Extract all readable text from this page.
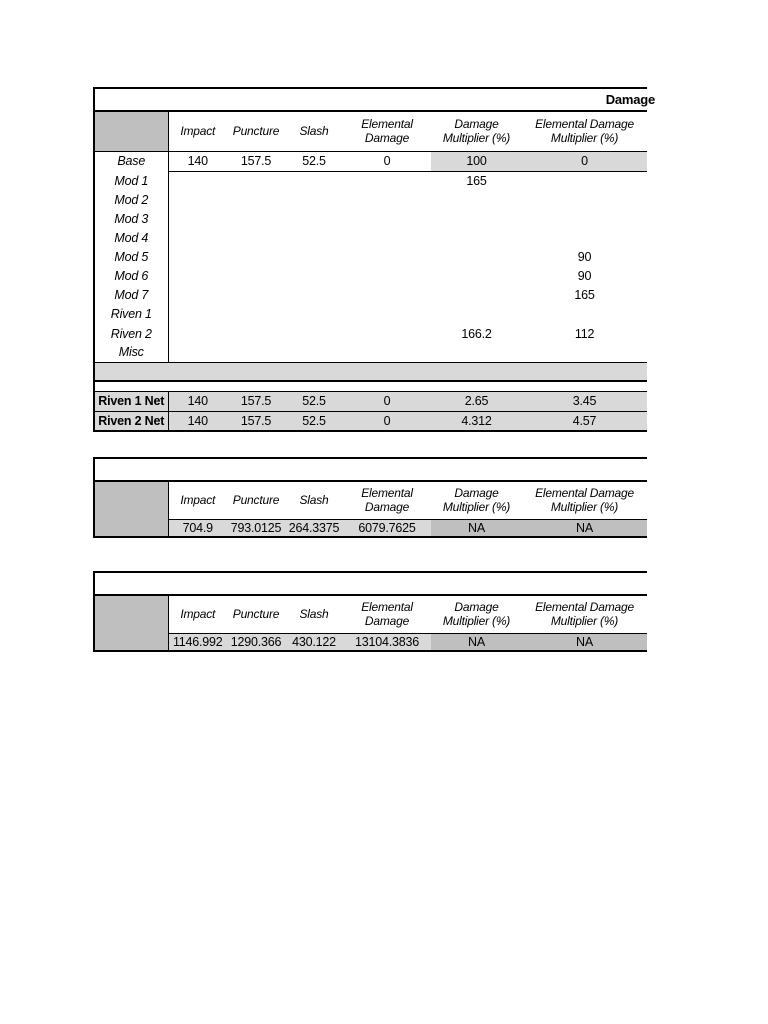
Damage						
	Impact	Puncture	Slash	Elemental Damage	Damage Multiplier (%)	Elemental Damage Multiplier (%)
Base	140	157.5	52.5	0	100	0
Mod 1					165	
Mod 2						
Mod 3						
Mod 4						
Mod 5						90
Mod 6						90
Mod 7						165
Riven 1						
Riven 2					166.2	112
Misc						

Riven 1 Net	140	157.5	52.5	0	2.65	3.45
Riven 2 Net	140	157.5	52.5	0	4.312	4.57

	Impact	Puncture	Slash	Elemental Damage	Damage Multiplier (%)	Elemental Damage Multiplier (%)
	704.9	793.0125	264.3375	6079.7625	NA	NA

	Impact	Puncture	Slash	Elemental Damage	Damage Multiplier (%)	Elemental Damage Multiplier (%)
	1146.992	1290.366	430.122	13104.3836	NA	NA
